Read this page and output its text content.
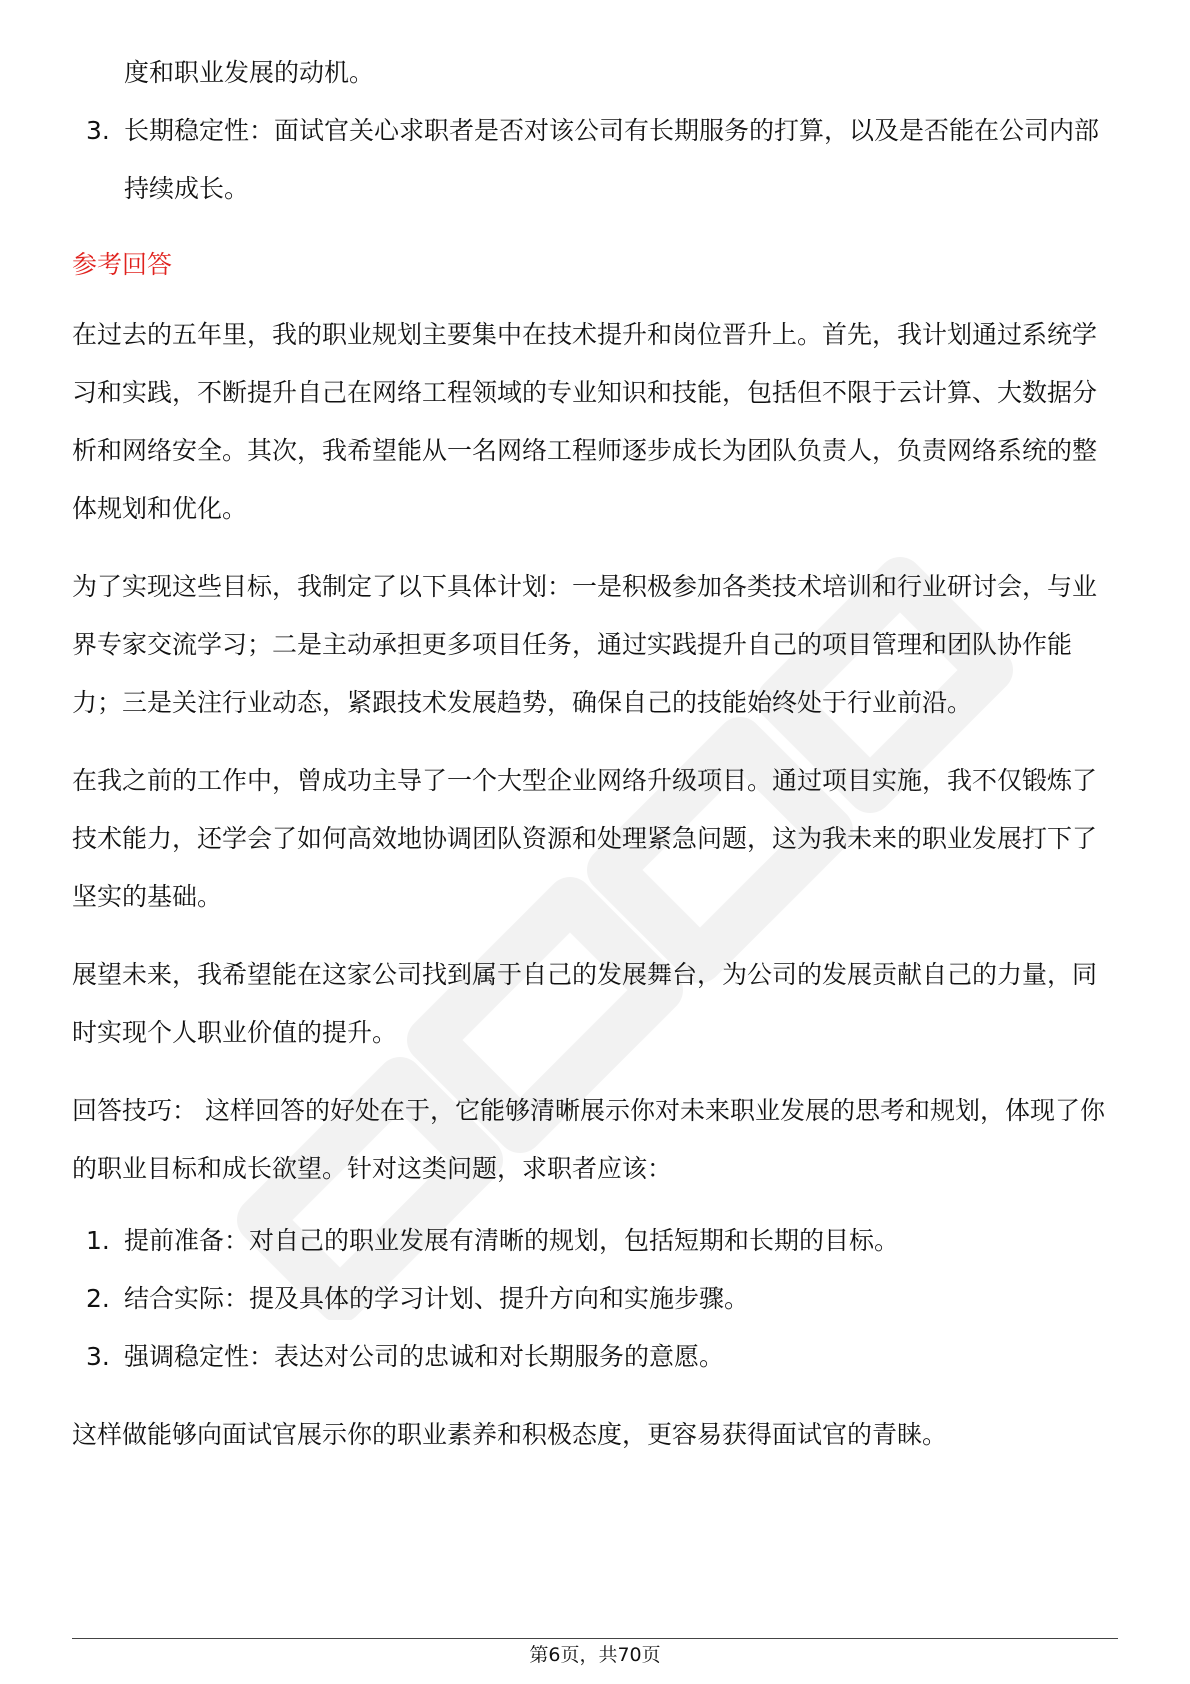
度和职业发展的动机。

3. 长期稳定性：面试官关心求职者是否对该公司有长期服务的打算，以及是否能在公司内部持续成长。
参考回答

在过去的五年里，我的职业规划主要集中在技术提升和岗位晋升上。首先，我计划通过系统学习和实践，不断提升自己在网络工程领域的专业知识和技能，包括但不限于云计算、大数据分析和网络安全。其次，我希望能从一名网络工程师逐步成长为团队负责人，负责网络系统的整体规划和优化。

为了实现这些目标，我制定了以下具体计划：一是积极参加各类技术培训和行业研讨会，与业界专家交流学习；二是主动承担更多项目任务，通过实践提升自己的项目管理和团队协作能力；三是关注行业动态，紧跟技术发展趋势，确保自己的技能始终处于行业前沿。

在我之前的工作中，曾成功主导了一个大型企业网络升级项目。通过项目实施，我不仅锻炼了技术能力，还学会了如何高效地协调团队资源和处理紧急问题，这为我未来的职业发展打下了坚实的基础。

展望未来，我希望能在这家公司找到属于自己的发展舞台，为公司的发展贡献自己的力量，同时实现个人职业价值的提升。

回答技巧： 这样回答的好处在于，它能够清晰展示你对未来职业发展的思考和规划，体现了你的职业目标和成长欲望。针对这类问题，求职者应该：

1. 提前准备：对自己的职业发展有清晰的规划，包括短期和长期的目标。
2. 结合实际：提及具体的学习计划、提升方向和实施步骤。
3. 强调稳定性：表达对公司的忠诚和对长期服务的意愿。

这样做能够向面试官展示你的职业素养和积极态度，更容易获得面试官的青睐。

第6页，共70页
